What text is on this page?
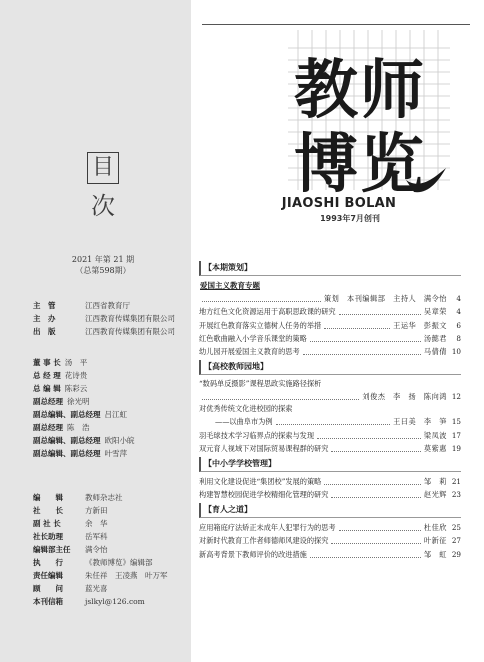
目
次
2021 年第 21 期
（总第598期）
主　管	江西省教育厅
主　办	江西教育传媒集团有限公司
出　版	江西教育传媒集团有限公司
董 事 长 汤　平
总 经 理 花诗贵
总 编 辑 陈彩云
副总经理 徐光明
副总编辑、副总经理 吕江虹
副总经理 陈　浩
副总编辑、副总经理 欧阳小皖
副总编辑、副总经理 叶雪萍
编　　辑	教师杂志社
社　　长	方新田
副 社 长	余　华
社长助理	岳军科
编辑部主任	满令怡
执　　行	《教师博览》编辑部
责任编辑	朱任祥　王凌燕　叶万军
顾　　问	蓝光喜
本刊信箱	jslkyl@126.com
教 师
博 览
JIAOSHI BOLAN
1993年7月创刊
【本期策划】
爱国主义教育专题
策划　本刊编辑部　主持人　满令怡	4
地方红色文化资源运用于高职思政课的研究	吴章荣	4
开展红色教育落实立德树人任务的举措	王运华　彭振文	6
红色歌曲融入小学音乐课堂的策略	汤懿君	8
幼儿园开展爱国主义教育的思考	马倩倩 10
【高校教师园地】
“数码单反摄影”课程思政实施路径探析
刘俊杰　李　扬　陈向鸿 12
对优秀传统文化进校园的探索
——以曲阜市为例	王曰美　李　笋 15
羽毛球技术学习临界点的探索与发现	梁凤波 17
双元育人视域下对国际贸易课程群的研究	莫紫惠 19
【中小学学校管理】
利用文化建设促进“集团校”发展的策略	邹　莉 21
构建智慧校园促进学校精细化管理的研究	赵光辉 23
【育人之道】
应用箱庭疗法矫正未成年人犯罪行为的思考	杜佳欣 25
对新时代教育工作者师德师风建设的探究	叶新征 27
新高考背景下教师评价的改进措施	邹　虹 29
